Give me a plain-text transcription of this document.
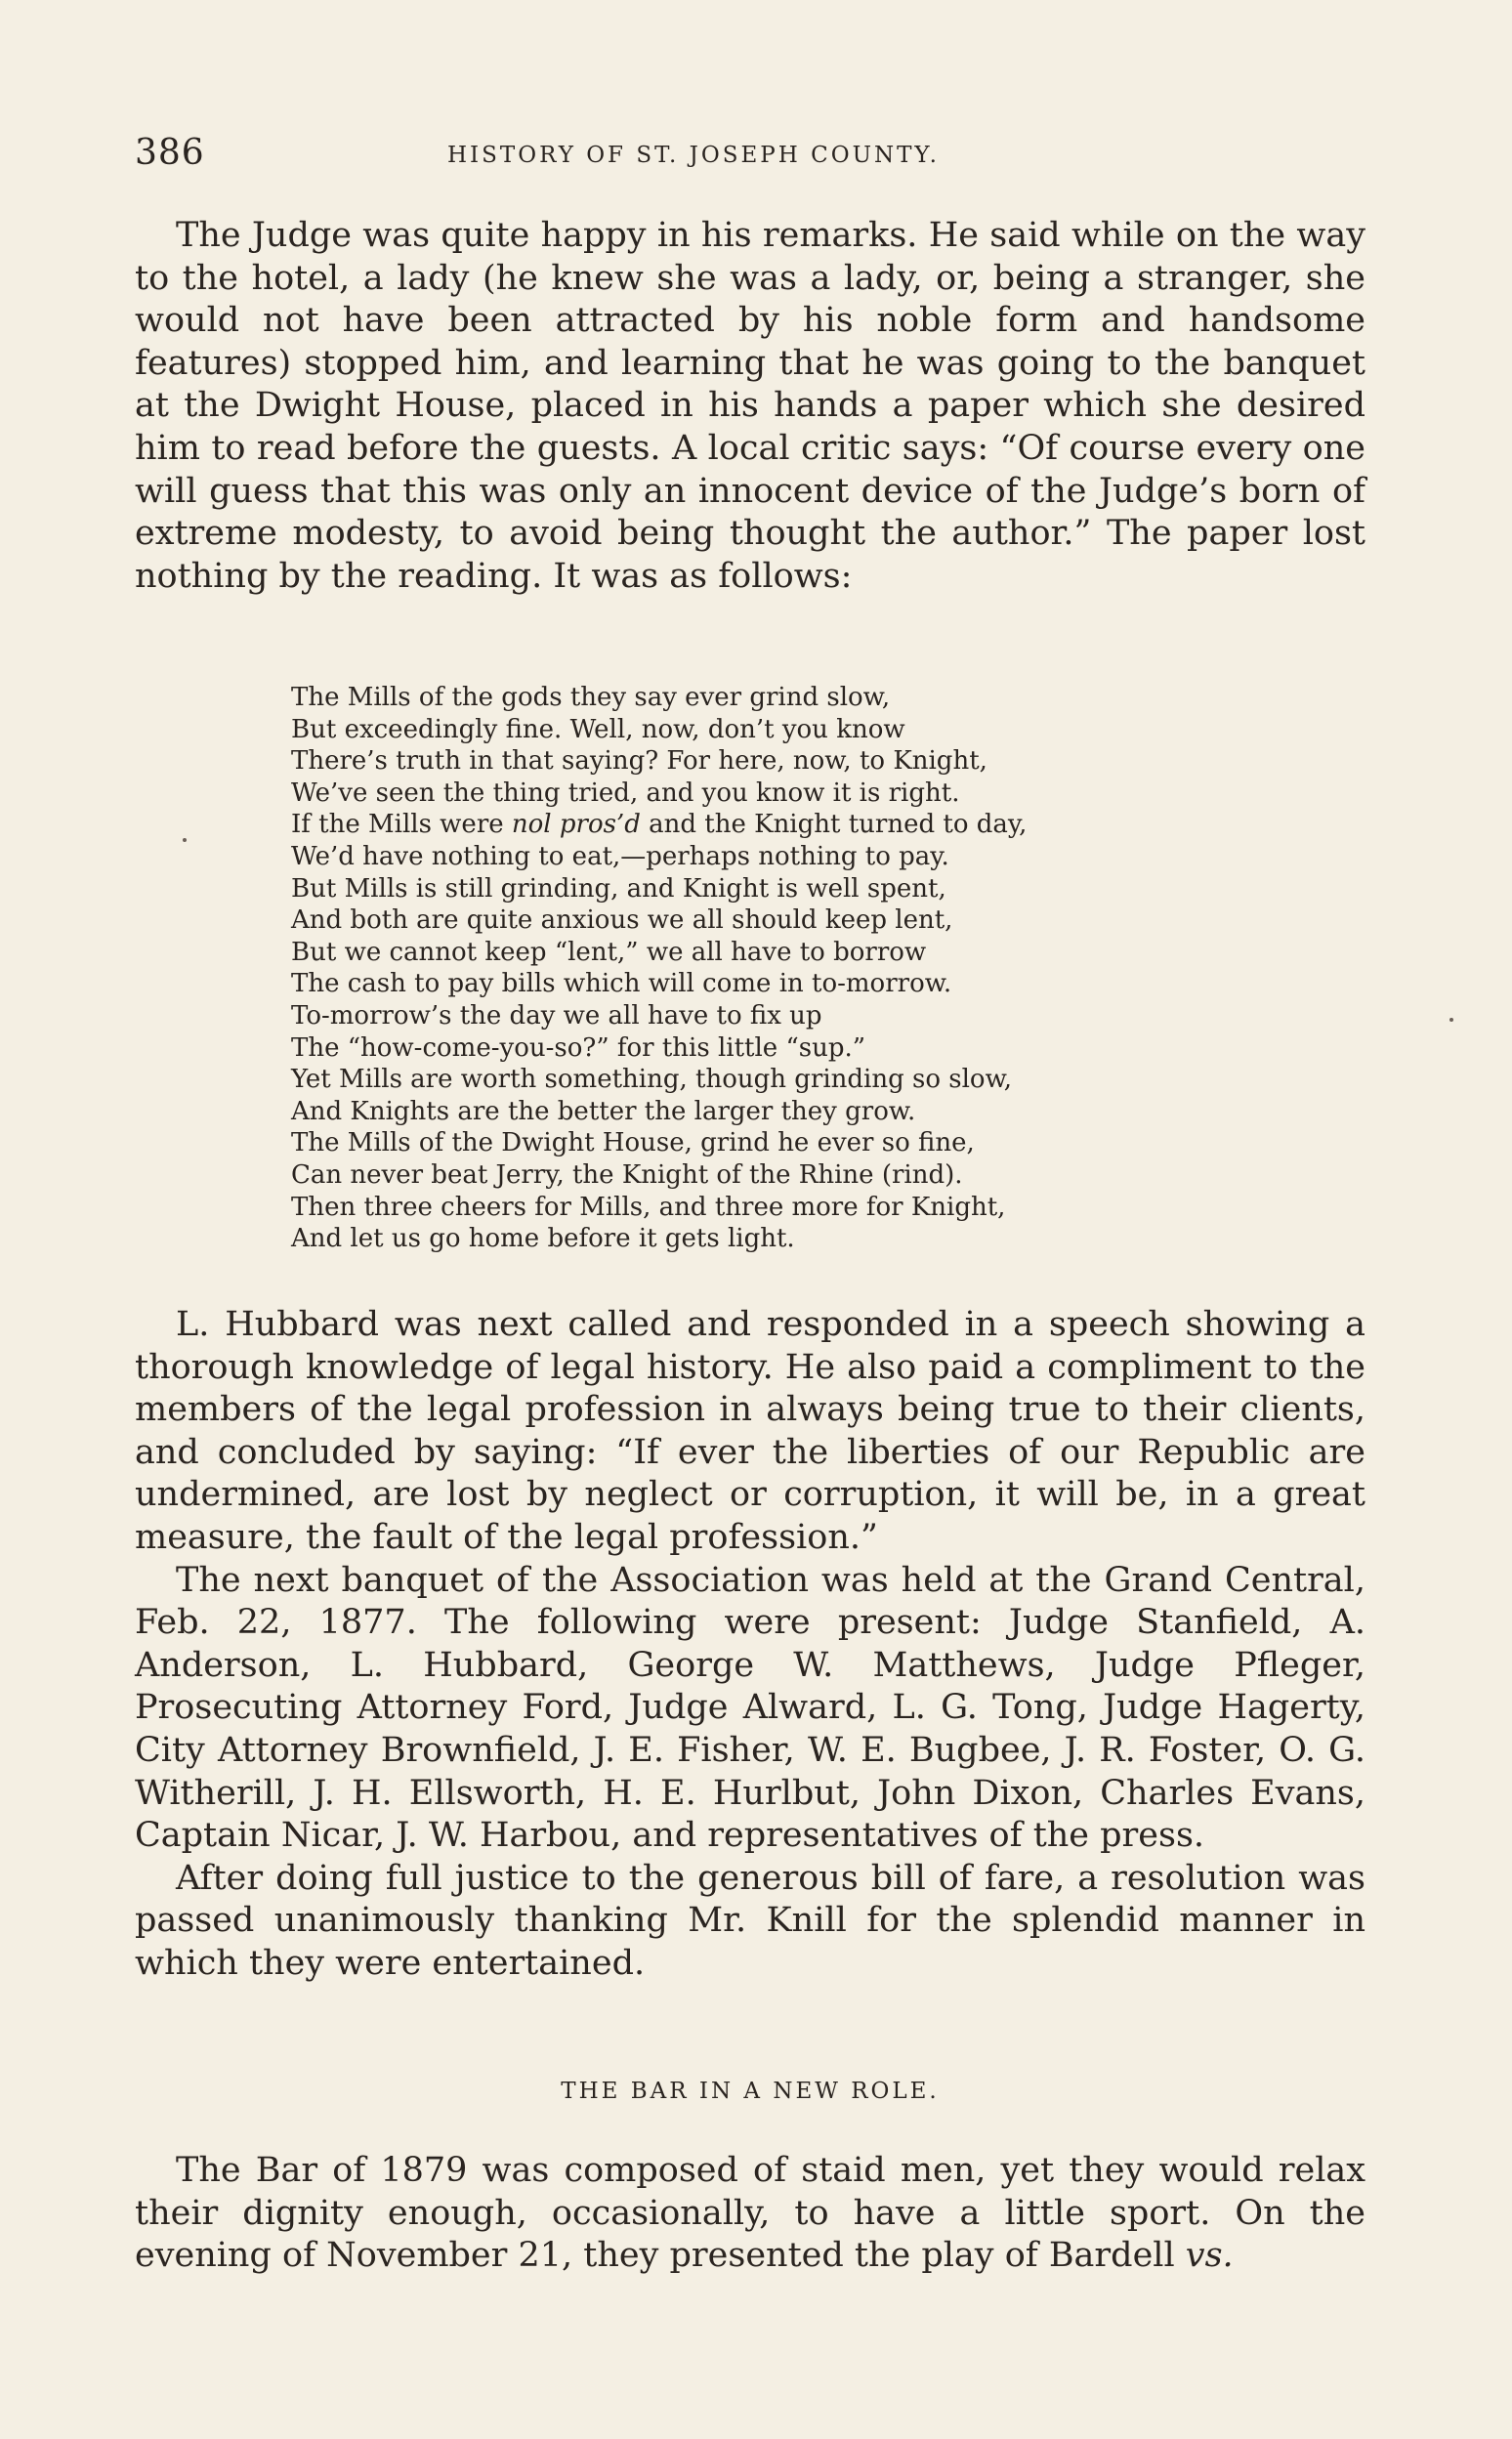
386	HISTORY OF ST. JOSEPH COUNTY.

The Judge was quite happy in his remarks. He said while on the way to the hotel, a lady (he knew she was a lady, or, being a stranger, she would not have been attracted by his noble form and handsome features) stopped him, and learning that he was going to the banquet at the Dwight House, placed in his hands a paper which she desired him to read before the guests. A local critic says: “Of course every one will guess that this was only an innocent device of the Judge’s born of extreme modesty, to avoid being thought the author.” The paper lost nothing by the reading. It was as follows:

The Mills of the gods they say ever grind slow,
But exceedingly fine. Well, now, don’t you know
There’s truth in that saying? For here, now, to Knight,
We’ve seen the thing tried, and you know it is right.
If the Mills were nol pros’d and the Knight turned to day,
We’d have nothing to eat,—perhaps nothing to pay.
But Mills is still grinding, and Knight is well spent,
And both are quite anxious we all should keep lent,
But we cannot keep “lent,” we all have to borrow
The cash to pay bills which will come in to-morrow.
To-morrow’s the day we all have to fix up
The “how-come-you-so?” for this little “sup.”
Yet Mills are worth something, though grinding so slow,
And Knights are the better the larger they grow.
The Mills of the Dwight House, grind he ever so fine,
Can never beat Jerry, the Knight of the Rhine (rind).
Then three cheers for Mills, and three more for Knight,
And let us go home before it gets light.

L. Hubbard was next called and responded in a speech showing a thorough knowledge of legal history. He also paid a compliment to the members of the legal profession in always being true to their clients, and concluded by saying: “If ever the liberties of our Republic are undermined, are lost by neglect or corruption, it will be, in a great measure, the fault of the legal profession.”

The next banquet of the Association was held at the Grand Central, Feb. 22, 1877. The following were present: Judge Stanfield, A. Anderson, L. Hubbard, George W. Matthews, Judge Pfleger, Prosecuting Attorney Ford, Judge Alward, L. G. Tong, Judge Hagerty, City Attorney Brownfield, J. E. Fisher, W. E. Bugbee, J. R. Foster, O. G. Witherill, J. H. Ellsworth, H. E. Hurlbut, John Dixon, Charles Evans, Captain Nicar, J. W. Harbou, and representatives of the press.

After doing full justice to the generous bill of fare, a resolution was passed unanimously thanking Mr. Knill for the splendid manner in which they were entertained.

THE BAR IN A NEW ROLE.

The Bar of 1879 was composed of staid men, yet they would relax their dignity enough, occasionally, to have a little sport. On the evening of November 21, they presented the play of Bardell vs.
